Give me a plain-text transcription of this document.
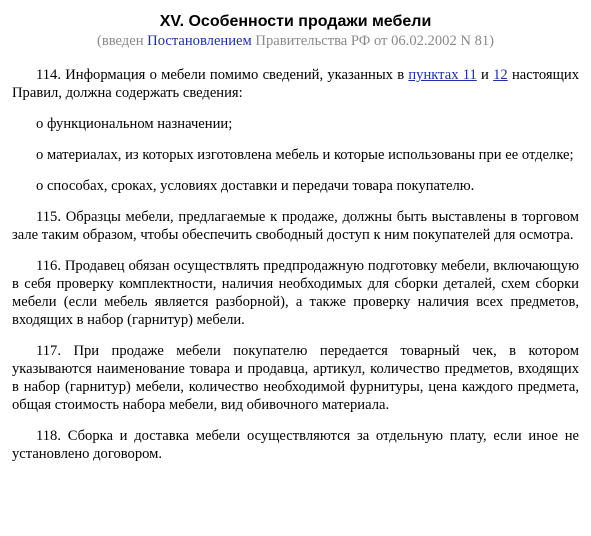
XV. Особенности продажи мебели
(введен Постановлением Правительства РФ от 06.02.2002 N 81)

114. Информация о мебели помимо сведений, указанных в пунктах 11 и 12 настоящих Правил, должна содержать сведения:

о функциональном назначении;

о материалах, из которых изготовлена мебель и которые использованы при ее отделке;

о способах, сроках, условиях доставки и передачи товара покупателю.

115. Образцы мебели, предлагаемые к продаже, должны быть выставлены в торговом зале таким образом, чтобы обеспечить свободный доступ к ним покупателей для осмотра.

116. Продавец обязан осуществлять предпродажную подготовку мебели, включающую в себя проверку комплектности, наличия необходимых для сборки деталей, схем сборки мебели (если мебель является разборной), а также проверку наличия всех предметов, входящих в набор (гарнитур) мебели.

117. При продаже мебели покупателю передается товарный чек, в котором указываются наименование товара и продавца, артикул, количество предметов, входящих в набор (гарнитур) мебели, количество необходимой фурнитуры, цена каждого предмета, общая стоимость набора мебели, вид обивочного материала.

118. Сборка и доставка мебели осуществляются за отдельную плату, если иное не установлено договором.
